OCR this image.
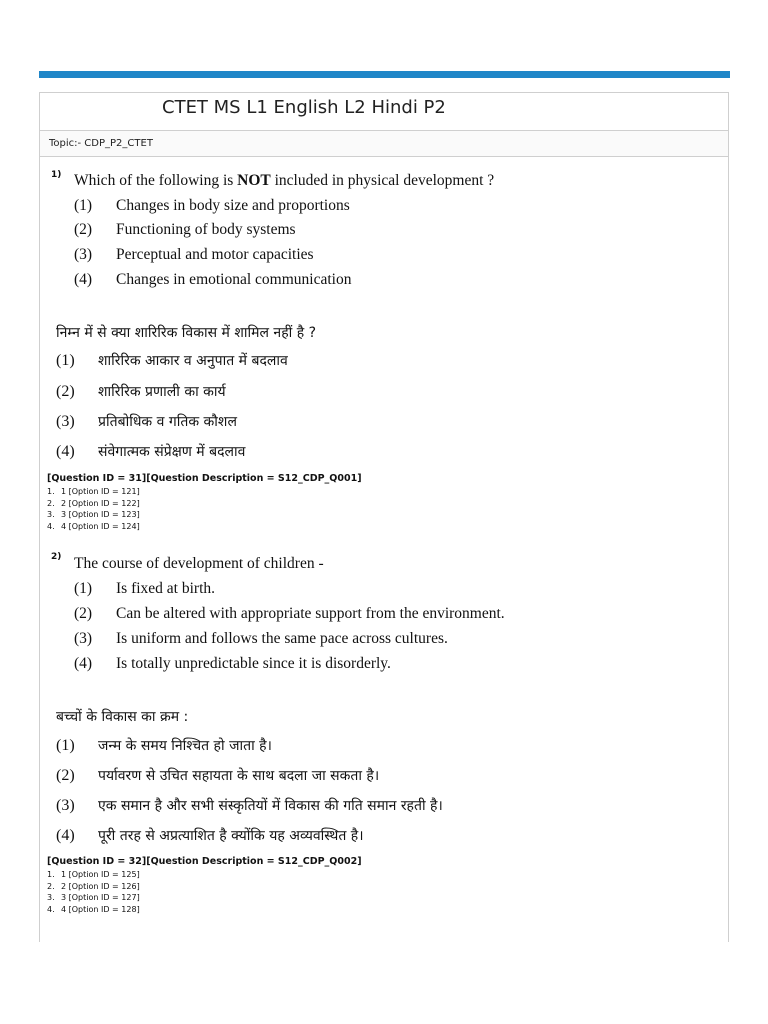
CTET MS L1 English L2 Hindi P2
Topic:- CDP_P2_CTET
1) Which of the following is NOT included in physical development ?
(1) Changes in body size and proportions
(2) Functioning of body systems
(3) Perceptual and motor capacities
(4) Changes in emotional communication
निम्न में से क्या शारिरिक विकास में शामिल नहीं है ?
(1) शारिरिक आकार व अनुपात में बदलाव
(2) शारिरिक प्रणाली का कार्य
(3) प्रतिबोधिक व गतिक कौशल
(4) संवेगात्मक संप्रेक्षण में बदलाव
[Question ID = 31][Question Description = S12_CDP_Q001]
1. 1 [Option ID = 121]
2. 2 [Option ID = 122]
3. 3 [Option ID = 123]
4. 4 [Option ID = 124]
2) The course of development of children -
(1) Is fixed at birth.
(2) Can be altered with appropriate support from the environment.
(3) Is uniform and follows the same pace across cultures.
(4) Is totally unpredictable since it is disorderly.
बच्चों के विकास का क्रम :
(1) जन्म के समय निश्चित हो जाता है।
(2) पर्यावरण से उचित सहायता के साथ बदला जा सकता है।
(3) एक समान है और सभी संस्कृतियों में विकास की गति समान रहती है।
(4) पूरी तरह से अप्रत्याशित है क्योंकि यह अव्यवस्थित है।
[Question ID = 32][Question Description = S12_CDP_Q002]
1. 1 [Option ID = 125]
2. 2 [Option ID = 126]
3. 3 [Option ID = 127]
4. 4 [Option ID = 128]
